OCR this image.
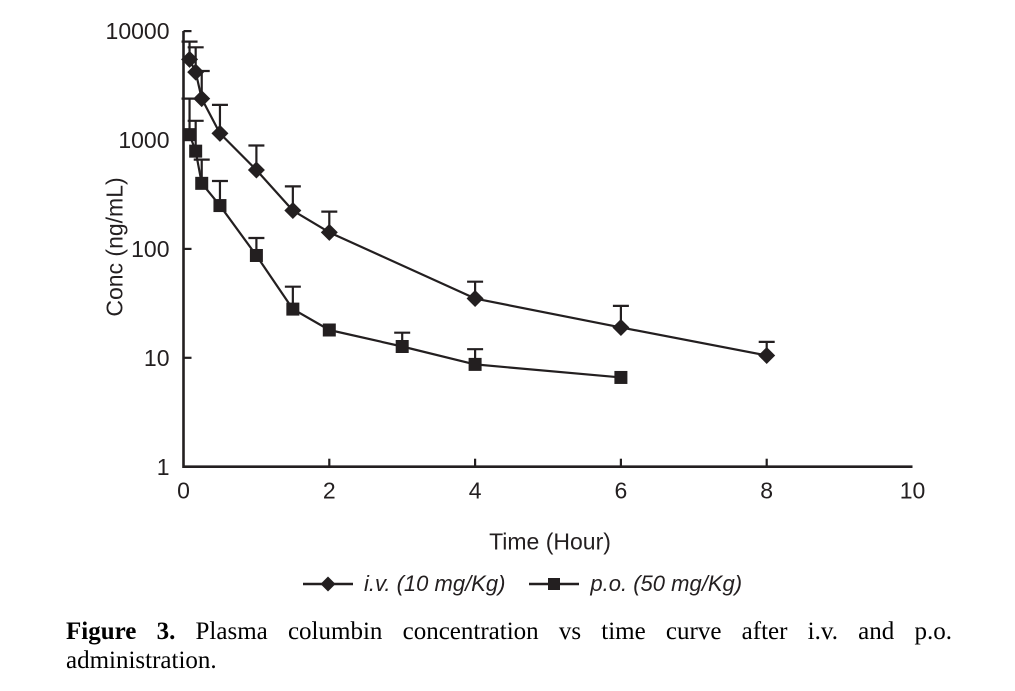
1
10
100
1000
10000
0	2	4	6	8	10
Conc (ng/mL)
Time (Hour)
i.v. (10 mg/Kg)	p.o. (50 mg/Kg)

Figure 3. Plasma columbin concentration vs time curve after i.v. and p.o. administration.
